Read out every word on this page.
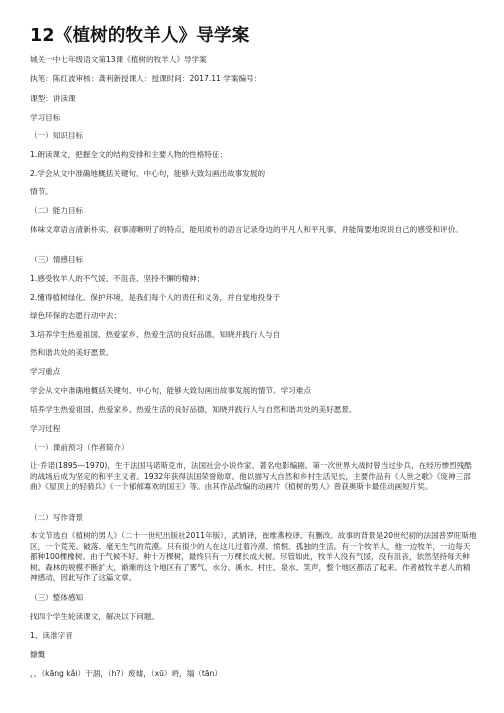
12《植树的牧羊人》导学案
城关一中七年级语文第13课《植树的牧羊人》导学案
执笔：陈红波审核：龚利新授课人：授课时间：2017.11 学案编号：
课型：讲读课
学习目标
（一）知识目标
1.朗读课文，把握全文的结构安排和主要人物的性格特征；
2.学会从文中准确地概括关键句、中心句，能够大致勾画出故事发展的
情节。
（二）能力目标
体味文章语言清新朴实、叙事清晰明了的特点，能用质朴的语言记录身边的平凡人和平凡事，并能简要地说说自己的感受和评价。
（三）情感目标
1.感受牧羊人的不气馁、不沮丧、坚持不懈的精神；
2.懂得植树绿化、保护环境，是我们每个人的责任和义务，并自觉地投身于
绿色环保的志愿行动中去；
3.培养学生热爱祖国、热爱家乡、热爱生活的良好品德，知晓并践行人与自
然和谐共处的美好愿景。
学习重点
学会从文中准确地概括关键句、中心句，能够大致勾画出故事发展的情节。学习难点
培养学生热爱祖国、热爱家乡、热爱生活的良好品德，知晓并践行人与自然和谐共处的美好愿景。
学习过程
（一）课前预习（作者简介）
让·乔诺(1895—1970)，生于法国马诺斯克市，法国社会小说作家、著名电影编剧。第一次世界大战时曾当过步兵，在经历惨烈残酷的战场后成为坚定的和平主义者。1932年获得法国荣誉勋章。他以描写大自然和乡村生活见长，主要作品有《人世之歌》《庞神三部曲》《屋顶上的轻骑兵》《一个郁郁寡欢的国王》等。由其作品改编的动画片《植树的男人》曾获奥斯卡最佳动画短片奖。
（二）写作背景
本文节选自《植树的男人》（二十一世纪出版社2011年版），武娟译，崔维燕校译。有删改。故事的背景是20世纪初的法国普罗旺斯地区，一个荒芜、破落、毫无生气的荒漠。只有很少的人在这儿过着冷漠、愤恨、孤独的生活。有一个牧羊人，他一边牧羊，一边每天都种100棵橡树。由于气候不好、种十万棵树，最终只有一万棵长成大树。尽管如此，牧羊人没有气馁，没有沮丧，依然坚持每天种树。森林的规模不断扩大，渐渐的这个地区有了雾气、水分、溪水、村庄、泉水、笑声，整个地区都活了起来。作者被牧羊老人的精神感动，因此写作了这篇文章。
（三）整体感知
找四个学生轮读课文，解决以下问题。
1、读准字音
慷慨
，，（kāng kǎi）干涸，（h?）废墟，（xū）坍，塌（tān）
